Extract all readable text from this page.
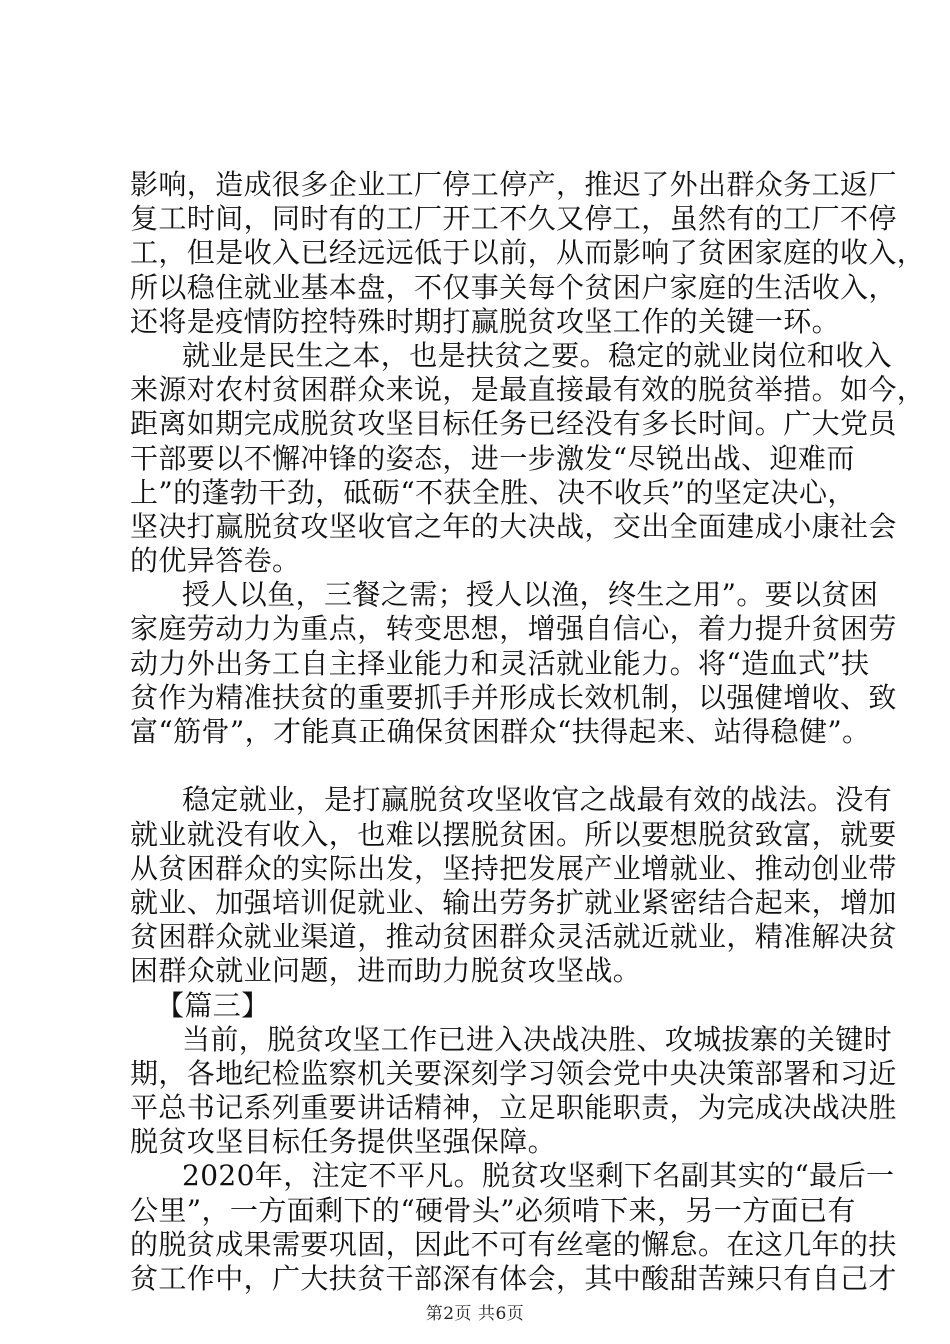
影响，造成很多企业工厂停工停产，推迟了外出群众务工返厂
复工时间，同时有的工厂开工不久又停工，虽然有的工厂不停
工，但是收入已经远远低于以前，从而影响了贫困家庭的收入，
所以稳住就业基本盘，不仅事关每个贫困户家庭的生活收入，
还将是疫情防控特殊时期打赢脱贫攻坚工作的关键一环。
就业是民生之本，也是扶贫之要。稳定的就业岗位和收入
来源对农村贫困群众来说，是最直接最有效的脱贫举措。如今，
距离如期完成脱贫攻坚目标任务已经没有多长时间。广大党员
干部要以不懈冲锋的姿态，进一步激发“尽锐出战、迎难而
上”的蓬勃干劲，砥砺“不获全胜、决不收兵”的坚定决心，
坚决打赢脱贫攻坚收官之年的大决战，交出全面建成小康社会
的优异答卷。
授人以鱼，三餐之需；授人以渔，终生之用”。要以贫困
家庭劳动力为重点，转变思想，增强自信心，着力提升贫困劳
动力外出务工自主择业能力和灵活就业能力。将“造血式”扶
贫作为精准扶贫的重要抓手并形成长效机制，以强健增收、致
富“筋骨”，才能真正确保贫困群众“扶得起来、站得稳健”。
稳定就业，是打赢脱贫攻坚收官之战最有效的战法。没有
就业就没有收入，也难以摆脱贫困。所以要想脱贫致富，就要
从贫困群众的实际出发，坚持把发展产业增就业、推动创业带
就业、加强培训促就业、输出劳务扩就业紧密结合起来，增加
贫困群众就业渠道，推动贫困群众灵活就近就业，精准解决贫
困群众就业问题，进而助力脱贫攻坚战。
【篇三】
当前，脱贫攻坚工作已进入决战决胜、攻城拔寨的关键时
期，各地纪检监察机关要深刻学习领会党中央决策部署和习近
平总书记系列重要讲话精神，立足职能职责，为完成决战决胜
脱贫攻坚目标任务提供坚强保障。
2020年，注定不平凡。脱贫攻坚剩下名副其实的“最后一
公里”，一方面剩下的“硬骨头”必须啃下来，另一方面已有
的脱贫成果需要巩固，因此不可有丝毫的懈怠。在这几年的扶
贫工作中，广大扶贫干部深有体会，其中酸甜苦辣只有自己才
第2页 共6页
